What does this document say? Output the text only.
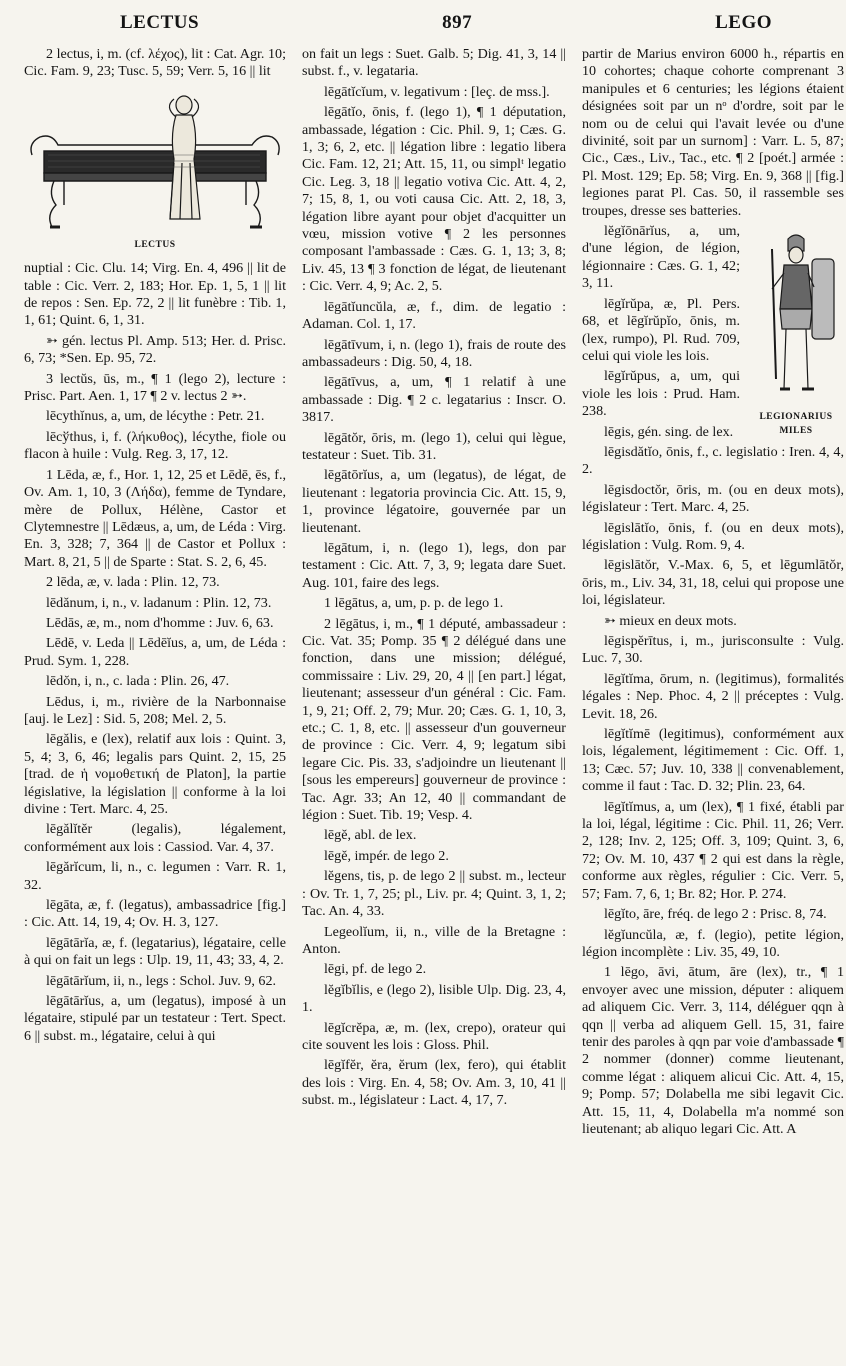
LECTUS	897	LEGO

2 lectus, i, m. (cf. λέχος), lit : Cat. Agr. 10; Cic. Fam. 9, 23; Tusc. 5, 59; Verr. 5, 16 || lit

LECTUS

nuptial : Cic. Clu. 14; Virg. En. 4, 496 || lit de table : Cic. Verr. 2, 183; Hor. Ep. 1, 5, 1 || lit de repos : Sen. Ep. 72, 2 || lit funèbre : Tib. 1, 1, 61; Quint. 6, 1, 31.

➳ gén. lectus Pl. Amp. 513; Her. d. Prisc. 6, 73; *Sen. Ep. 95, 72.

3 lectŭs, ūs, m., ¶ 1 (lego 2), lecture : Prisc. Part. Aen. 1, 17 ¶ 2 v. lectus 2 ➳.

lēcythĭnus, a, um, de lécythe : Petr. 21.

lēcўthus, i, f. (λήκυθος), lécythe, fiole ou flacon à huile : Vulg. Reg. 3, 17, 12.

1 Lēda, æ, f., Hor. 1, 12, 25 et Lēdē, ēs, f., Ov. Am. 1, 10, 3 (Λήδα), femme de Tyndare, mère de Pollux, Hélène, Castor et Clytemnestre || Lēdæus, a, um, de Léda : Virg. En. 3, 328; 7, 364 || de Castor et Pollux : Mart. 8, 21, 5 || de Sparte : Stat. S. 2, 6, 45.

2 lēda, æ, v. lada : Plin. 12, 73.

lēdănum, i, n., v. ladanum : Plin. 12, 73.

Lēdās, æ, m., nom d'homme : Juv. 6, 63.

Lēdē, v. Leda || Lēdēĭus, a, um, de Léda : Prud. Sym. 1, 228.

lēdŏn, i, n., c. lada : Plin. 26, 47.

Lēdus, i, m., rivière de la Narbonnaise [auj. le Lez] : Sid. 5, 208; Mel. 2, 5.

lēgălis, e (lex), relatif aux lois : Quint. 3, 5, 4; 3, 6, 46; legalis pars Quint. 2, 15, 25 [trad. de ἡ νομοθετική de Platon], la partie législative, la législation || conforme à la loi divine : Tert. Marc. 4, 25.

lēgălĭtĕr (legalis), légalement, conformément aux lois : Cassiod. Var. 4, 37.

lēgărĭcum, li, n., c. legumen : Varr. R. 1, 32.

lēgāta, æ, f. (legatus), ambassadrice [fig.] : Cic. Att. 14, 19, 4; Ov. H. 3, 127.

lēgātārĭa, æ, f. (legatarius), légataire, celle à qui on fait un legs : Ulp. 19, 11, 43; 33, 4, 2.

lēgātārĭum, ii, n., legs : Schol. Juv. 9, 62.

lēgātārĭus, a, um (legatus), imposé à un légataire, stipulé par un testateur : Tert. Spect. 6 || subst. m., légataire, celui à qui

on fait un legs : Suet. Galb. 5; Dig. 41, 3, 14 || subst. f., v. legataria.

lēgātĭcĭum, v. legativum : [leç. de mss.].

lēgātĭo, ōnis, f. (lego 1), ¶ 1 députation, ambassade, légation : Cic. Phil. 9, 1; Cæs. G. 1, 3; 6, 2, etc. || légation libre : legatio libera Cic. Fam. 12, 21; Att. 15, 11, ou simplᵗ legatio Cic. Leg. 3, 18 || legatio votiva Cic. Att. 4, 2, 7; 15, 8, 1, ou voti causa Cic. Att. 2, 18, 3, légation libre ayant pour objet d'acquitter un vœu, mission votive ¶ 2 les personnes composant l'ambassade : Cæs. G. 1, 13; 3, 8; Liv. 45, 13 ¶ 3 fonction de légat, de lieutenant : Cic. Verr. 4, 9; Ac. 2, 5.

lēgātĭuncŭla, æ, f., dim. de legatio : Adaman. Col. 1, 17.

lēgātīvum, i, n. (lego 1), frais de route des ambassadeurs : Dig. 50, 4, 18.

lēgātīvus, a, um, ¶ 1 relatif à une ambassade : Dig. ¶ 2 c. legatarius : Inscr. O. 3817.

lēgātŏr, ōris, m. (lego 1), celui qui lègue, testateur : Suet. Tib. 31.

lēgātōrĭus, a, um (legatus), de légat, de lieutenant : legatoria provincia Cic. Att. 15, 9, 1, province légatoire, gouvernée par un lieutenant.

lēgātum, i, n. (lego 1), legs, don par testament : Cic. Att. 7, 3, 9; legata dare Suet. Aug. 101, faire des legs.

1 lēgātus, a, um, p. p. de lego 1.

2 lēgātus, i, m., ¶ 1 député, ambassadeur : Cic. Vat. 35; Pomp. 35 ¶ 2 délégué dans une fonction, dans une mission; délégué, commissaire : Liv. 29, 20, 4 || [en part.] légat, lieutenant; assesseur d'un général : Cic. Fam. 1, 9, 21; Off. 2, 79; Mur. 20; Cæs. G. 1, 10, 3, etc.; C. 1, 8, etc. || assesseur d'un gouverneur de province : Cic. Verr. 4, 9; legatum sibi legare Cic. Pis. 33, s'adjoindre un lieutenant || [sous les empereurs] gouverneur de province : Tac. Agr. 33; An 12, 40 || commandant de légion : Suet. Tib. 19; Vesp. 4.

lēgĕ, abl. de lex.

lēgĕ, impér. de lego 2.

lĕgens, tis, p. de lego 2 || subst. m., lecteur : Ov. Tr. 1, 7, 25; pl., Liv. pr. 4; Quint. 3, 1, 2; Tac. An. 4, 33.

Legeolĭum, ii, n., ville de la Bretagne : Anton.

lēgi, pf. de lego 2.

lĕgĭbĭlis, e (lego 2), lisible Ulp. Dig. 23, 4, 1.

lēgĭcrĕpa, æ, m. (lex, crepo), orateur qui cite souvent les lois : Gloss. Phil.

lēgĭfĕr, ĕra, ĕrum (lex, fero), qui établit des lois : Virg. En. 4, 58; Ov. Am. 3, 10, 41 || subst. m., législateur : Lact. 4, 17, 7.

partir de Marius environ 6000 h., répartis en 10 cohortes; chaque cohorte comprenant 3 manipules et 6 centuries; les légions étaient désignées soit par un nᵒ d'ordre, soit par le nom ou de celui qui l'avait levée ou d'une divinité, soit par un surnom] : Varr. L. 5, 87; Cic., Cæs., Liv., Tac., etc. ¶ 2 [poét.] armée : Pl. Most. 129; Ep. 58; Virg. En. 9, 368 || [fig.] legiones parat Pl. Cas. 50, il rassemble ses troupes, dresse ses batteries.

LEGIONARIUS
MILES

lĕgĭōnārĭus, a, um, d'une légion, de légion, légionnaire : Cæs. G. 1, 42; 3, 11.

lēgĭrŭpa, æ, Pl. Pers. 68, et lēgĭrŭpĭo, ōnis, m. (lex, rumpo), Pl. Rud. 709, celui qui viole les lois.

lēgĭrŭpus, a, um, qui viole les lois : Prud. Ham. 238.

lēgis, gén. sing. de lex.

lēgisdătĭo, ōnis, f., c. legislatio : Iren. 4, 4, 2.

lēgisdoctŏr, ōris, m. (ou en deux mots), législateur : Tert. Marc. 4, 25.

lēgislātĭo, ōnis, f. (ou en deux mots), législation : Vulg. Rom. 9, 4.

lēgislātŏr, V.-Max. 6, 5, et lēgumlātŏr, ōris, m., Liv. 34, 31, 18, celui qui propose une loi, législateur.

➳ mieux en deux mots.

lēgispĕrītus, i, m., jurisconsulte : Vulg. Luc. 7, 30.

lēgĭtĭma, ōrum, n. (legitimus), formalités légales : Nep. Phoc. 4, 2 || préceptes : Vulg. Levit. 18, 26.

lēgĭtĭmē (legitimus), conformément aux lois, légalement, légitimement : Cic. Off. 1, 13; Cæc. 57; Juv. 10, 338 || convenablement, comme il faut : Tac. D. 32; Plin. 23, 64.

lēgĭtĭmus, a, um (lex), ¶ 1 fixé, établi par la loi, légal, légitime : Cic. Phil. 11, 26; Verr. 2, 128; Inv. 2, 125; Off. 3, 109; Quint. 3, 6, 72; Ov. M. 10, 437 ¶ 2 qui est dans la règle, conforme aux règles, régulier : Cic. Verr. 5, 57; Fam. 7, 6, 1; Br. 82; Hor. P. 274.

lēgĭto, āre, fréq. de lego 2 : Prisc. 8, 74.

lĕgĭuncŭla, æ, f. (legio), petite légion, légion incomplète : Liv. 35, 49, 10.

1 lēgo, āvi, ātum, āre (lex), tr., ¶ 1 envoyer avec une mission, députer : aliquem ad aliquem Cic. Verr. 3, 114, déléguer qqn à qqn || verba ad aliquem Gell. 15, 31, faire tenir des paroles à qqn par voie d'ambassade ¶ 2 nommer (donner) comme lieutenant, comme légat : aliquem alicui Cic. Att. 4, 15, 9; Pomp. 57; Dolabella me sibi legavit Cic. Att. 15, 11, 4, Dolabella m'a nommé son lieutenant; ab aliquo legari Cic. Att. A
